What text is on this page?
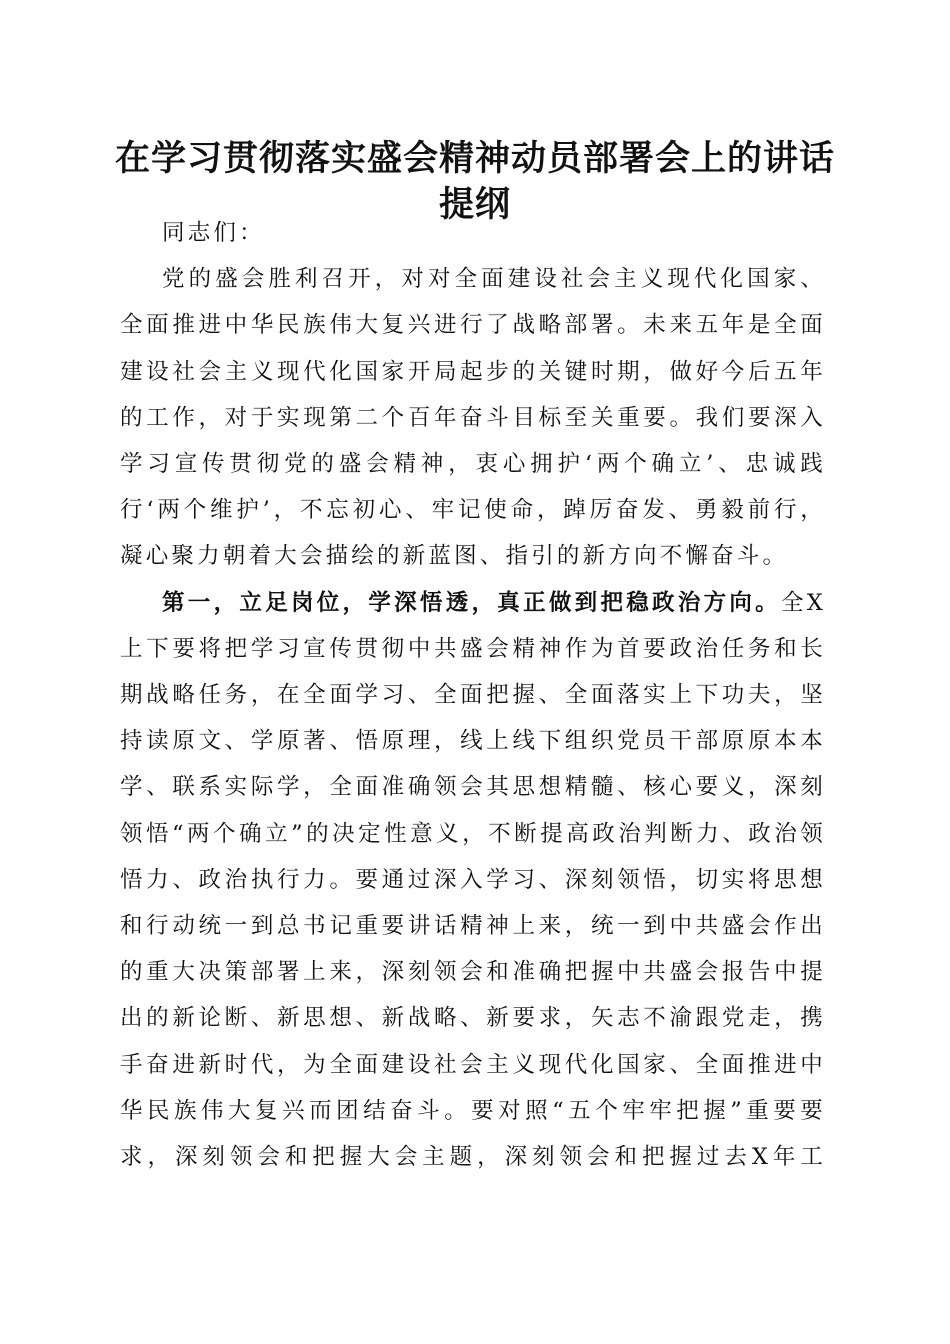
在学习贯彻落实盛会精神动员部署会上的讲话
提纲

同志们：

党的盛会胜利召开，对对全面建设社会主义现代化国家、全面推进中华民族伟大复兴进行了战略部署。未来五年是全面建设社会主义现代化国家开局起步的关键时期，做好今后五年的工作，对于实现第二个百年奋斗目标至关重要。我们要深入学习宣传贯彻党的盛会精神，衷心拥护‘两个确立’、忠诚践行‘两个维护’，不忘初心、牢记使命，踔厉奋发、勇毅前行，凝心聚力朝着大会描绘的新蓝图、指引的新方向不懈奋斗。

第一，立足岗位，学深悟透，真正做到把稳政治方向。全X上下要将把学习宣传贯彻中共盛会精神作为首要政治任务和长期战略任务，在全面学习、全面把握、全面落实上下功夫，坚持读原文、学原著、悟原理，线上线下组织党员干部原原本本学、联系实际学，全面准确领会其思想精髓、核心要义，深刻领悟“两个确立”的决定性意义，不断提高政治判断力、政治领悟力、政治执行力。要通过深入学习、深刻领悟，切实将思想和行动统一到总书记重要讲话精神上来，统一到中共盛会作出的重大决策部署上来，深刻领会和准确把握中共盛会报告中提出的新论断、新思想、新战略、新要求，矢志不渝跟党走，携手奋进新时代，为全面建设社会主义现代化国家、全面推进中华民族伟大复兴而团结奋斗。要对照“五个牢牢把握”重要要求，深刻领会和把握大会主题，深刻领会和把握过去X年工
